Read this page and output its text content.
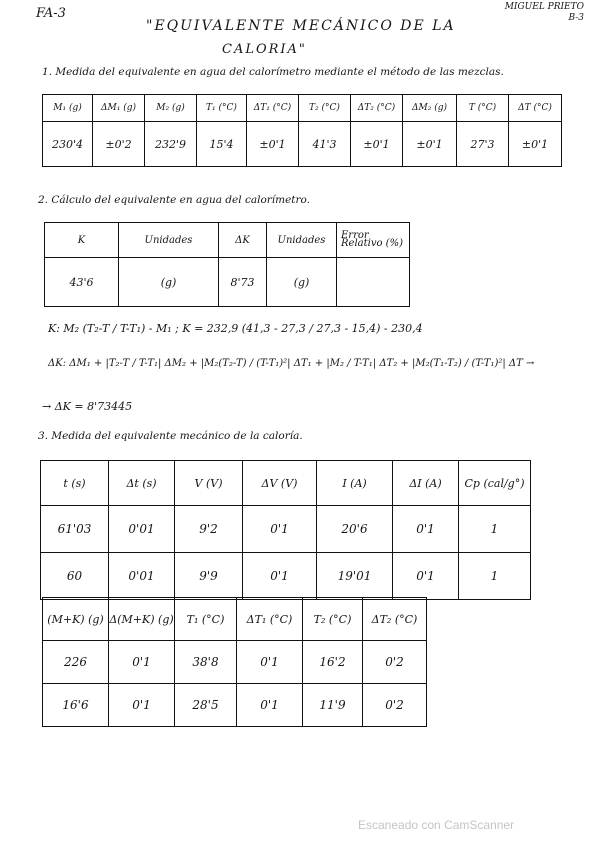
FA-3	MIGUEL PRIETO
B-3
"EQUIVALENTE MECÁNICO DE LA
CALORIA"
1. Medida del equivalente en agua del calorímetro mediante el método de las mezclas.
M₁ (g)	ΔM₁ (g)	M₂ (g)	T₁ (°C)	ΔT₁ (°C)	T₂ (°C)	ΔT₂ (°C)	ΔM₂ (g)	T (°C)	ΔT (°C)
230'4	±0'2	232'9	15'4	±0'1	41'3	±0'1	±0'1	27'3	±0'1
2. Cálculo del equivalente en agua del calorímetro.
K	Unidades	ΔK	Unidades	Error Relativo (%)
43'6	(g)	8'73	(g)	
K: M₂ (T₂-T / T-T₁) - M₁ ; K = 232,9 (41,3 - 27,3 / 27,3 - 15,4) - 230,4
ΔK: ΔM₁ + |T₂-T / T-T₁| ΔM₂ + |M₂(T₂-T) / (T-T₁)²| ΔT₁ + |M₂ / T-T₁| ΔT₂ + |M₂(T₁-T₂) / (T-T₁)²| ΔT →
→ ΔK = 8'73445
3. Medida del equivalente mecánico de la caloría.
t (s)	Δt (s)	V (V)	ΔV (V)	I (A)	ΔI (A)	Cp (cal/g°)
61'03	0'01	9'2	0'1	20'6	0'1	1
60	0'01	9'9	0'1	19'01	0'1	1
(M+K) (g)	Δ(M+K) (g)	T₁ (°C)	ΔT₁ (°C)	T₂ (°C)	ΔT₂ (°C)
226	0'1	38'8	0'1	16'2	0'2
16'6	0'1	28'5	0'1	11'9	0'2
Escaneado con CamScanner
